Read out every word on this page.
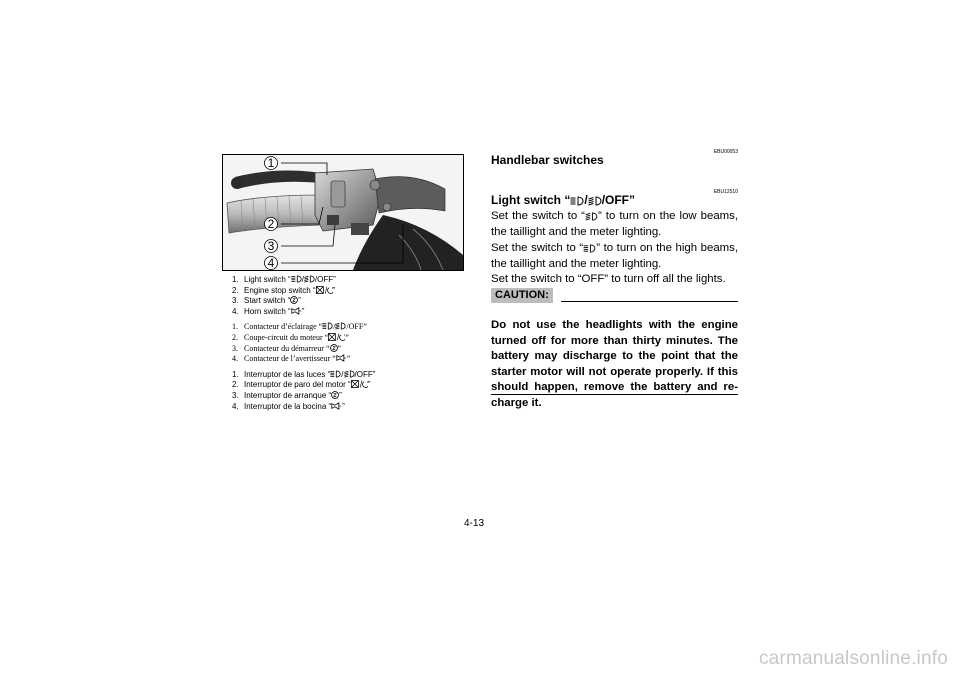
1
2
3
4
1. Light switch “ / /OFF”
2. Engine stop switch “ ”
3. Start switch “ ”
4. Horn switch “ ”
1. Contacteur d’éclairage “ / /OFF”
2. Coupe-circuit du moteur “ ”
3. Contacteur du démarreur “ ”
4. Contacteur de l’avertisseur “ ”
1. Interruptor de las luces “ / /OFF”
2. Interruptor de paro del motor “ ”
3. Interruptor de arranque “ ”
4. Interruptor de la bocina “ ”
EBU00053
Handlebar switches
EBU12510
Light switch “ / /OFF”
Set the switch to “ ” to turn on the low beams, the taillight and the meter lighting.
Set the switch to “ ” to turn on the high beams, the taillight and the meter lighting.
Set the switch to “OFF” to turn off all the lights.
CAUTION:
Do not use the headlights with the engine turned off for more than thirty minutes. The battery may discharge to the point that the starter motor will not operate properly. If this should happen, remove the battery and re-charge it.
4-13
carmanualsonline.info
